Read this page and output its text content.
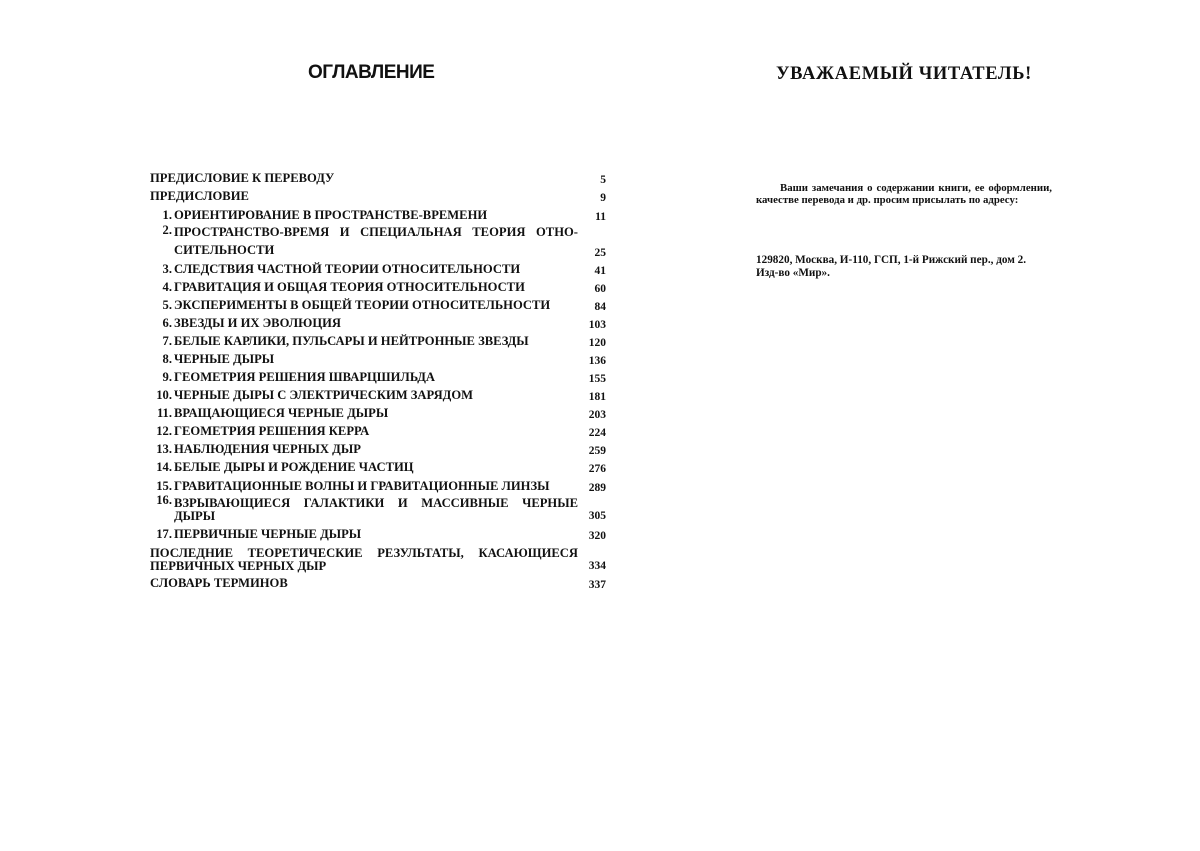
ОГЛАВЛЕНИЕ
ПРЕДИСЛОВИЕ К ПЕРЕВОДУ	5
ПРЕДИСЛОВИЕ	9
1. ОРИЕНТИРОВАНИЕ В ПРОСТРАНСТВЕ-ВРЕМЕНИ	11
2. ПРОСТРАНСТВО-ВРЕМЯ И СПЕЦИАЛЬНАЯ ТЕОРИЯ ОТНО-СИТЕЛЬНОСТИ	25
3. СЛЕДСТВИЯ ЧАСТНОЙ ТЕОРИИ ОТНОСИТЕЛЬНОСТИ	41
4. ГРАВИТАЦИЯ И ОБЩАЯ ТЕОРИЯ ОТНОСИТЕЛЬНОСТИ	60
5. ЭКСПЕРИМЕНТЫ В ОБЩЕЙ ТЕОРИИ ОТНОСИТЕЛЬНОСТИ	84
6. ЗВЕЗДЫ И ИХ ЭВОЛЮЦИЯ	103
7. БЕЛЫЕ КАРЛИКИ, ПУЛЬСАРЫ И НЕЙТРОННЫЕ ЗВЕЗДЫ	120
8. ЧЕРНЫЕ ДЫРЫ	136
9. ГЕОМЕТРИЯ РЕШЕНИЯ ШВАРЦШИЛЬДА	155
10. ЧЕРНЫЕ ДЫРЫ С ЭЛЕКТРИЧЕСКИМ ЗАРЯДОМ	181
11. ВРАЩАЮЩИЕСЯ ЧЕРНЫЕ ДЫРЫ	203
12. ГЕОМЕТРИЯ РЕШЕНИЯ КЕРРА	224
13. НАБЛЮДЕНИЯ ЧЕРНЫХ ДЫР	259
14. БЕЛЫЕ ДЫРЫ И РОЖДЕНИЕ ЧАСТИЦ	276
15. ГРАВИТАЦИОННЫЕ ВОЛНЫ И ГРАВИТАЦИОННЫЕ ЛИНЗЫ	289
16. ВЗРЫВАЮЩИЕСЯ ГАЛАКТИКИ И МАССИВНЫЕ ЧЕРНЫЕ ДЫРЫ	305
17. ПЕРВИЧНЫЕ ЧЕРНЫЕ ДЫРЫ	320
ПОСЛЕДНИЕ ТЕОРЕТИЧЕСКИЕ РЕЗУЛЬТАТЫ, КАСАЮЩИЕСЯ ПЕРВИЧНЫХ ЧЕРНЫХ ДЫР	334
СЛОВАРЬ ТЕРМИНОВ	337
УВАЖАЕМЫЙ ЧИТАТЕЛЬ!
Ваши замечания о содержании книги, ее оформлении, качестве перевода и др. просим присылать по адресу:
129820, Москва, И-110, ГСП, 1-й Рижский пер., дом 2.
Изд-во «Мир».
